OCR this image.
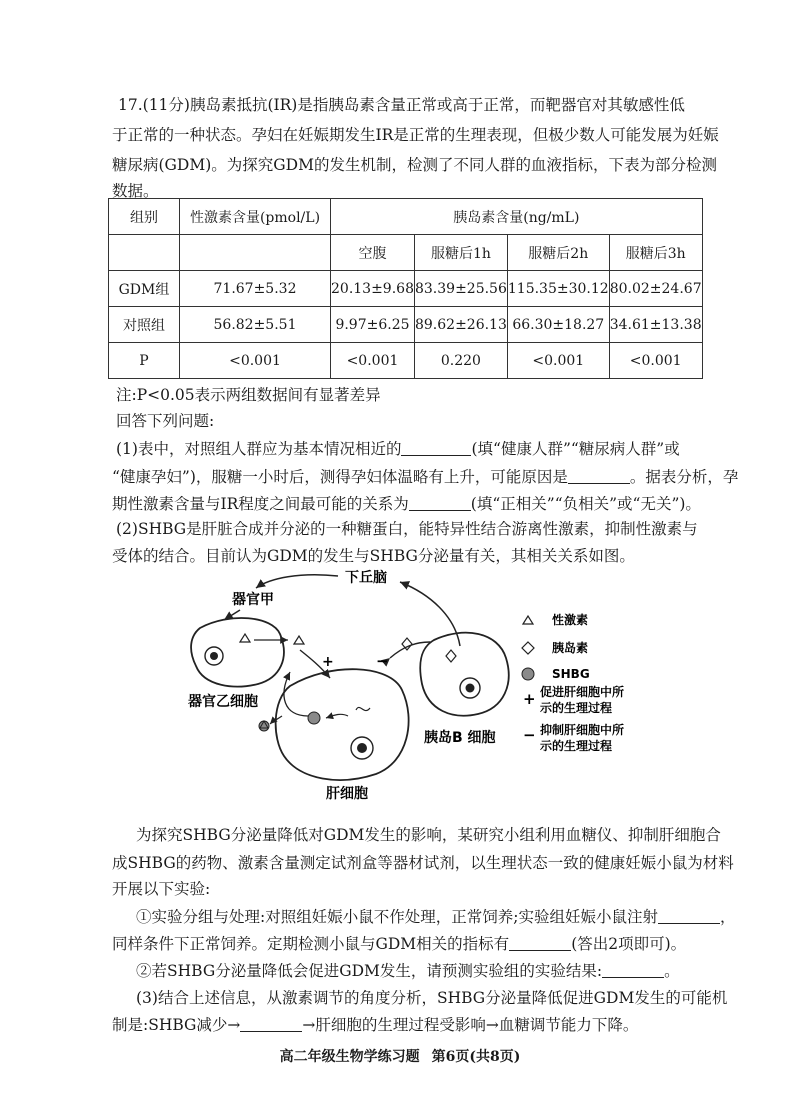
17.(11分)胰岛素抵抗(IR)是指胰岛素含量正常或高于正常，而靶器官对其敏感性低
于正常的一种状态。孕妇在妊娠期发生IR是正常的生理表现，但极少数人可能发展为妊娠
糖尿病(GDM)。为探究GDM的发生机制，检测了不同人群的血液指标，下表为部分检测
数据。
组别	性激素含量(pmol/L)	胰岛素含量(ng/mL)			
		空腹	服糖后1h	服糖后2h	服糖后3h
GDM组	71.67±5.32	20.13±9.68	83.39±25.56	115.35±30.12	80.02±24.67
对照组	56.82±5.51	9.97±6.25	89.62±26.13	66.30±18.27	34.61±13.38
P	<0.001	<0.001	0.220	<0.001	<0.001
注:P<0.05表示两组数据间有显著差异
回答下列问题:
(1)表中，对照组人群应为基本情况相近的	(填“健康人群”“糖尿病人群”或
“健康孕妇”)，服糖一小时后，测得孕妇体温略有上升，可能原因是	。据表分析，孕
期性激素含量与IR程度之间最可能的关系为	(填“正相关”“负相关”或“无关”)。
(2)SHBG是肝脏合成并分泌的一种糖蛋白，能特异性结合游离性激素，抑制性激素与
受体的结合。目前认为GDM的发生与SHBG分泌量有关，其相关关系如图。
下丘脑
器官甲
器官乙细胞
+
肝细胞
−
胰岛B 细胞
性激素
胰岛素
SHBG
+ 促进肝细胞中所
示的生理过程
− 抑制肝细胞中所
示的生理过程
为探究SHBG分泌量降低对GDM发生的影响，某研究小组利用血糖仪、抑制肝细胞合
成SHBG的药物、激素含量测定试剂盒等器材试剂，以生理状态一致的健康妊娠小鼠为材料
开展以下实验:
①实验分组与处理:对照组妊娠小鼠不作处理，正常饲养;实验组妊娠小鼠注射	，
同样条件下正常饲养。定期检测小鼠与GDM相关的指标有	(答出2项即可)。
②若SHBG分泌量降低会促进GDM发生，请预测实验组的实验结果:	。
(3)结合上述信息，从激素调节的角度分析，SHBG分泌量降低促进GDM发生的可能机
制是:SHBG减少→	→肝细胞的生理过程受影响→血糖调节能力下降。
高二年级生物学练习题 第6页(共8页)
